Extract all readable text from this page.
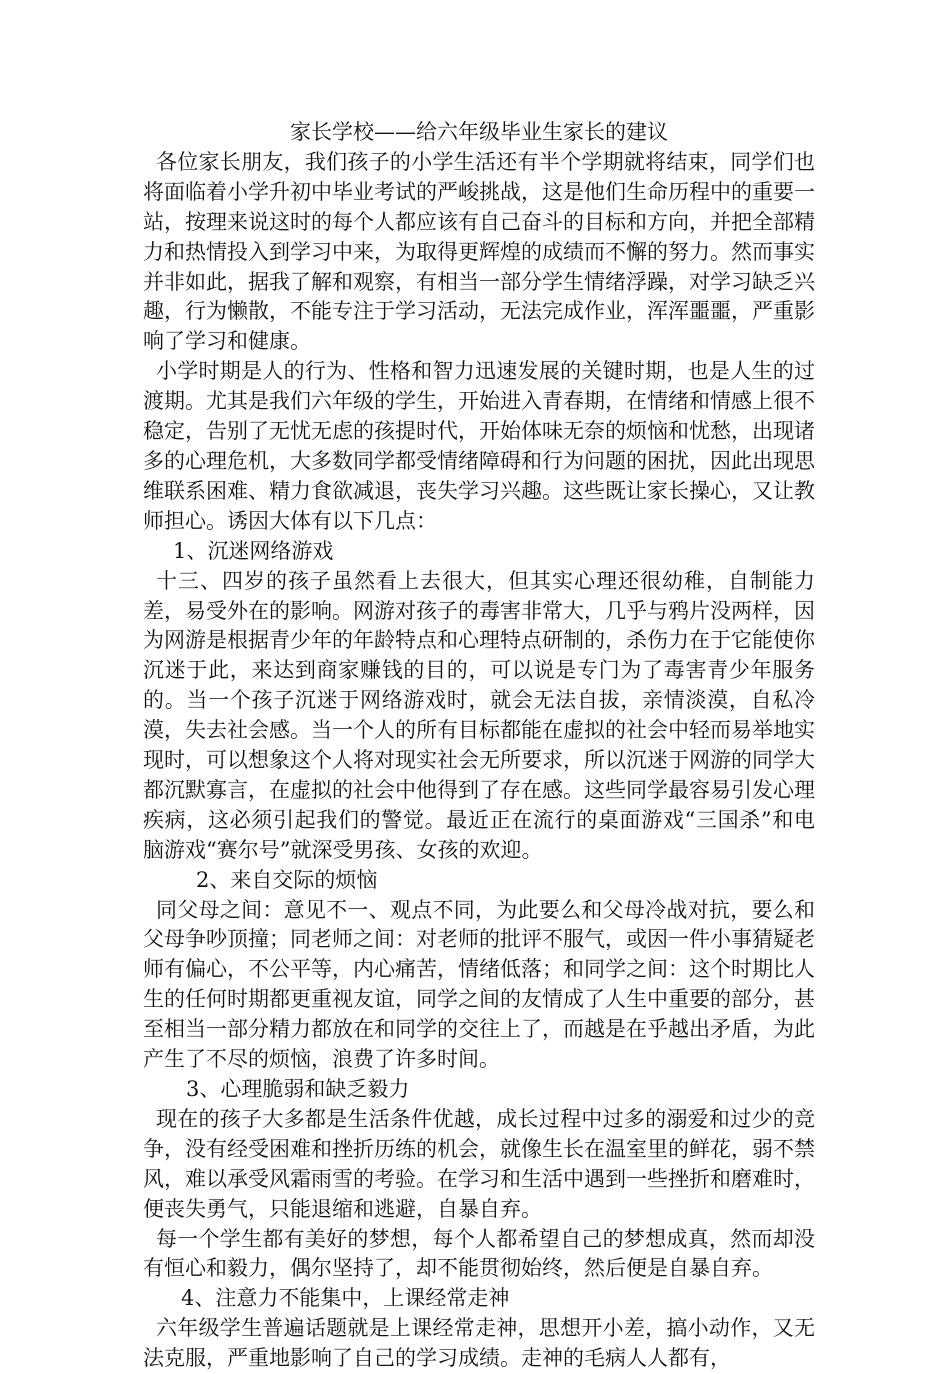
家长学校——给六年级毕业生家长的建议

各位家长朋友，我们孩子的小学生活还有半个学期就将结束，同学们也将面临着小学升初中毕业考试的严峻挑战，这是他们生命历程中的重要一站，按理来说这时的每个人都应该有自己奋斗的目标和方向，并把全部精力和热情投入到学习中来，为取得更辉煌的成绩而不懈的努力。然而事实并非如此，据我了解和观察，有相当一部分学生情绪浮躁，对学习缺乏兴趣，行为懒散，不能专注于学习活动，无法完成作业，浑浑噩噩，严重影响了学习和健康。

小学时期是人的行为、性格和智力迅速发展的关键时期，也是人生的过渡期。尤其是我们六年级的学生，开始进入青春期，在情绪和情感上很不稳定，告别了无忧无虑的孩提时代，开始体味无奈的烦恼和忧愁，出现诸多的心理危机，大多数同学都受情绪障碍和行为问题的困扰，因此出现思维联系困难、精力食欲减退，丧失学习兴趣。这些既让家长操心，又让教师担心。诱因大体有以下几点：

1、沉迷网络游戏

十三、四岁的孩子虽然看上去很大，但其实心理还很幼稚，自制能力差，易受外在的影响。网游对孩子的毒害非常大，几乎与鸦片没两样，因为网游是根据青少年的年龄特点和心理特点研制的，杀伤力在于它能使你沉迷于此，来达到商家赚钱的目的，可以说是专门为了毒害青少年服务的。当一个孩子沉迷于网络游戏时，就会无法自拔，亲情淡漠，自私冷漠，失去社会感。当一个人的所有目标都能在虚拟的社会中轻而易举地实现时，可以想象这个人将对现实社会无所要求，所以沉迷于网游的同学大都沉默寡言，在虚拟的社会中他得到了存在感。这些同学最容易引发心理疾病，这必须引起我们的警觉。最近正在流行的桌面游戏“三国杀”和电脑游戏“赛尔号”就深受男孩、女孩的欢迎。

2、来自交际的烦恼

同父母之间：意见不一、观点不同，为此要么和父母冷战对抗，要么和父母争吵顶撞；同老师之间：对老师的批评不服气，或因一件小事猜疑老师有偏心，不公平等，内心痛苦，情绪低落；和同学之间：这个时期比人生的任何时期都更重视友谊，同学之间的友情成了人生中重要的部分，甚至相当一部分精力都放在和同学的交往上了，而越是在乎越出矛盾，为此产生了不尽的烦恼，浪费了许多时间。

3、心理脆弱和缺乏毅力

现在的孩子大多都是生活条件优越，成长过程中过多的溺爱和过少的竞争，没有经受困难和挫折历练的机会，就像生长在温室里的鲜花，弱不禁风，难以承受风霜雨雪的考验。在学习和生活中遇到一些挫折和磨难时，便丧失勇气，只能退缩和逃避，自暴自弃。

每一个学生都有美好的梦想，每个人都希望自己的梦想成真，然而却没有恒心和毅力，偶尔坚持了，却不能贯彻始终，然后便是自暴自弃。

4、注意力不能集中，上课经常走神

六年级学生普遍话题就是上课经常走神，思想开小差，搞小动作，又无法克服，严重地影响了自己的学习成绩。走神的毛病人人都有，
